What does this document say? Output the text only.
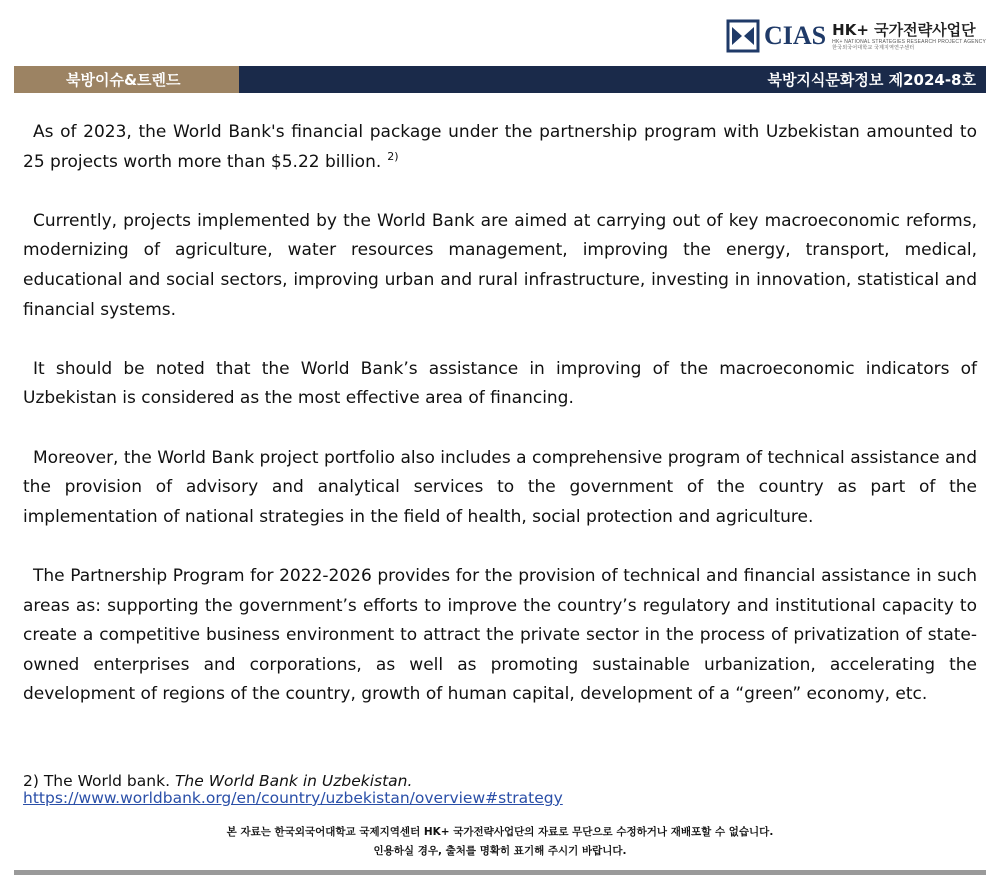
CIAS HK+ 국가전략사업단
HK+ NATIONAL STRATEGIES RESEARCH PROJECT AGENCY
한국외국어대학교 국제지역연구센터
북방이슈&트렌드	북방지식문화정보 제2024-8호

As of 2023, the World Bank's financial package under the partnership program with Uzbekistan amounted to 25 projects worth more than $5.22 billion. $^{2)}$

Currently, projects implemented by the World Bank are aimed at carrying out of key macroeconomic reforms, modernizing of agriculture, water resources management, improving the energy, transport, medical, educational and social sectors, improving urban and rural infrastructure, investing in innovation, statistical and financial systems.

It should be noted that the World Bank’s assistance in improving of the macroeconomic indicators of Uzbekistan is considered as the most effective area of financing.

Moreover, the World Bank project portfolio also includes a comprehensive program of technical assistance and the provision of advisory and analytical services to the government of the country as part of the implementation of national strategies in the field of health, social protection and agriculture.

The Partnership Program for 2022-2026 provides for the provision of technical and financial assistance in such areas as: supporting the government’s efforts to improve the country’s regulatory and institutional capacity to create a competitive business environment to attract the private sector in the process of privatization of state-owned enterprises and corporations, as well as promoting sustainable urbanization, accelerating the development of regions of the country, growth of human capital, development of a “green” economy, etc.

2) The World bank. The World Bank in Uzbekistan.
https://www.worldbank.org/en/country/uzbekistan/overview#strategy
본 자료는 한국외국어대학교 국제지역센터 HK+ 국가전략사업단의 자료로 무단으로 수정하거나 재배포할 수 없습니다.
인용하실 경우, 출처를 명확히 표기해 주시기 바랍니다.
